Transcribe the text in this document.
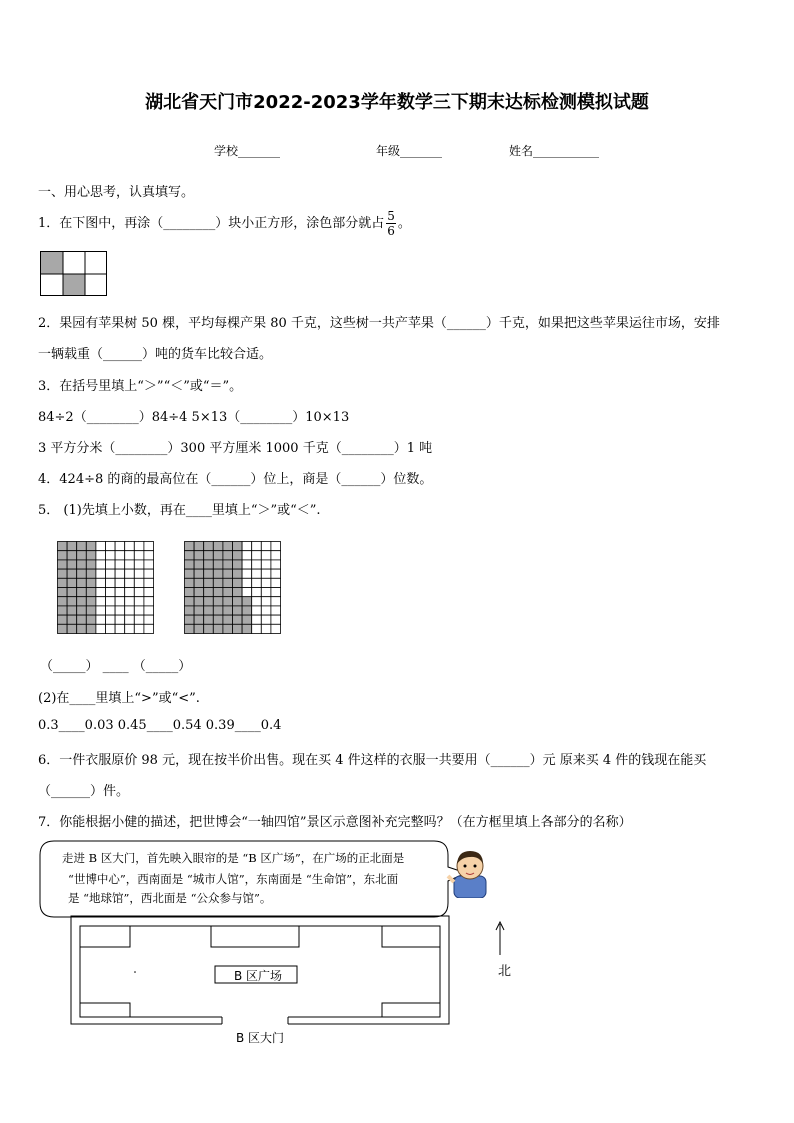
湖北省天门市2022-2023学年数学三下期末达标检测模拟试题
学校_______	年级_______	姓名___________
一、用心思考，认真填写。
1．在下图中，再涂（________）块小正方形，涂色部分就占 $\frac{5}{6}$ 。
2．果园有苹果树 50 棵，平均每棵产果 80 千克，这些树一共产苹果（______）千克，如果把这些苹果运往市场，安排
一辆载重（______）吨的货车比较合适。
3．在括号里填上“＞”“＜”或“＝”。
84÷2（________）84÷4 5×13（________）10×13
3 平方分米（________）300 平方厘米 1000 千克（________）1 吨
4．424÷8 的商的最高位在（______）位上，商是（______）位数。
5． (1)先填上小数，再在____里填上“＞”或“＜”.
（_____） ____ （_____）
(2)在____里填上“>”或“<”.
0.3____0.03 0.45____0.54 0.39____0.4
6．一件衣服原价 98 元，现在按半价出售。现在买 4 件这样的衣服一共要用（______）元 原来买 4 件的钱现在能买
（______）件。
7．你能根据小健的描述，把世博会“一轴四馆”景区示意图补充完整吗？（在方框里填上各部分的名称）
走进 B 区大门，首先映入眼帘的是 “B 区广场”，在广场的正北面是
“世博中心”，西南面是 “城市人馆”，东南面是 “生命馆”，东北面
是 “地球馆”，西北面是 “公众参与馆”。
B 区广场
B 区大门
北
